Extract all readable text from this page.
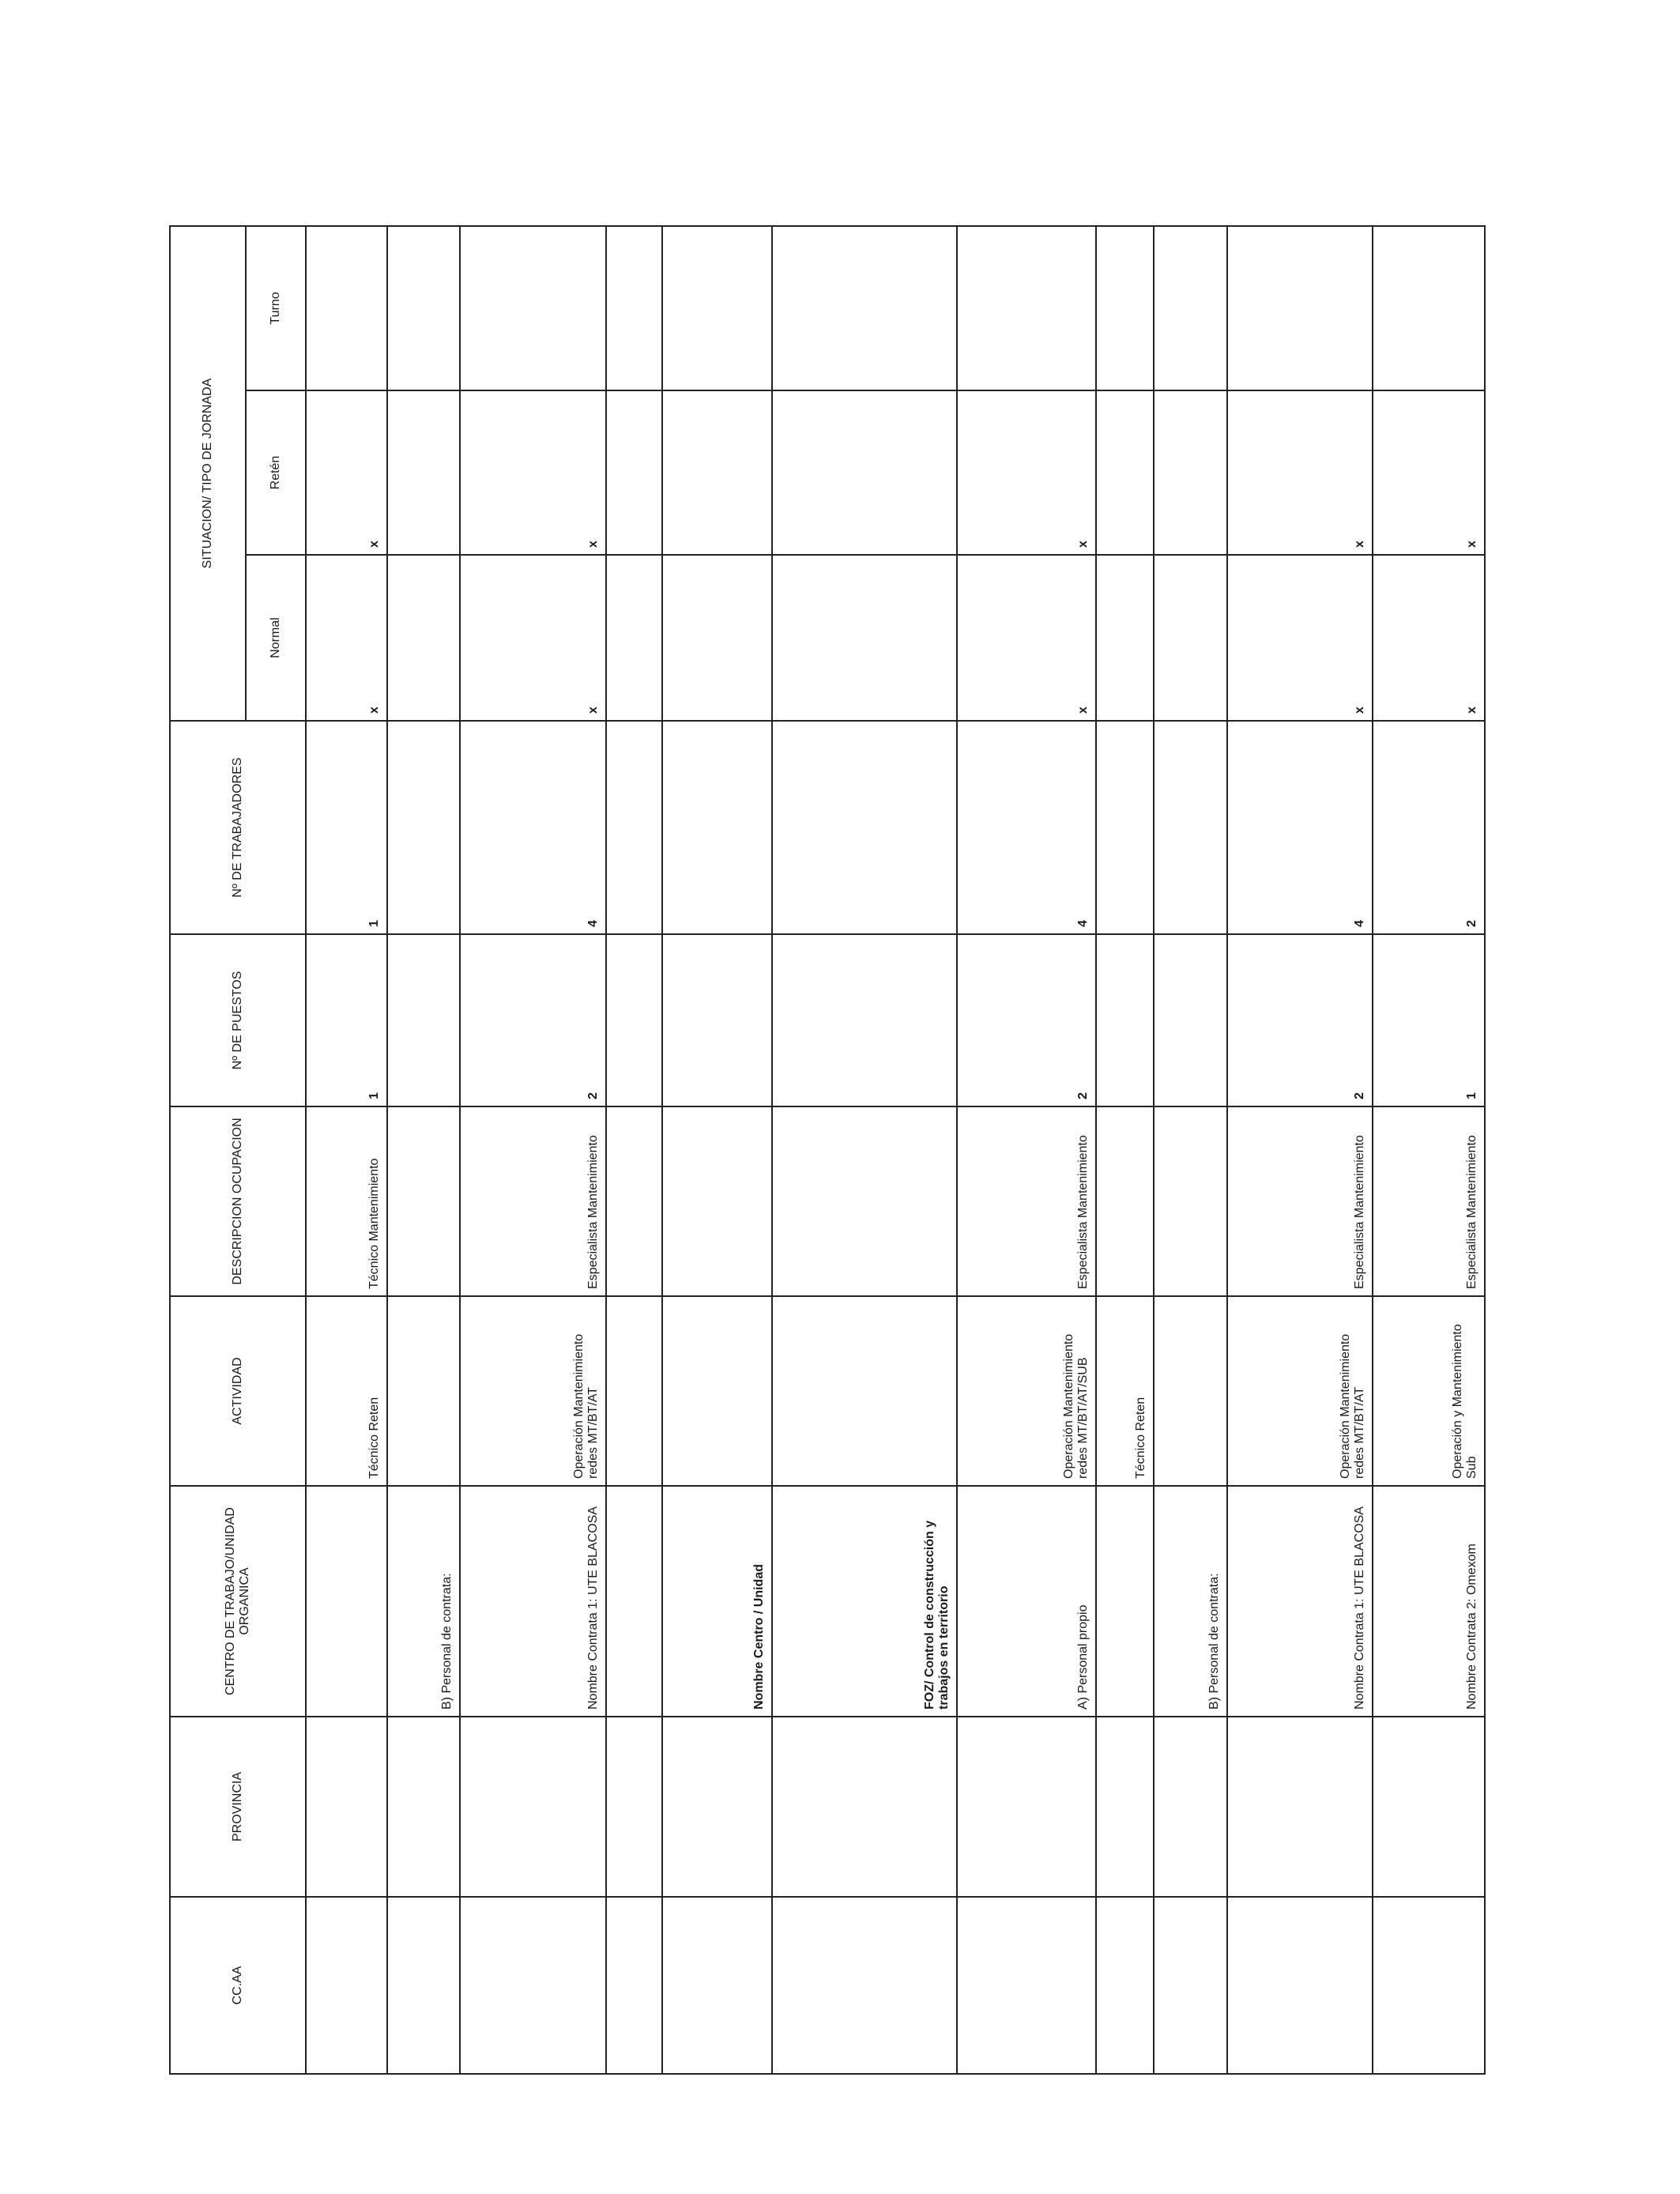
CC.AA	PROVINCIA	CENTRO DE TRABAJO/UNIDAD ORGANICA	ACTIVIDAD	DESCRIPCION OCUPACION	Nº DE PUESTOS	Nº DE TRABAJADORES	SITUACION/ TIPO DE JORNADA		
							Normal	Retén	Turno
			Técnico Reten	Técnico Mantenimiento	1	1	x	x	
		B) Personal de contrata:							
		Nombre Contrata 1: UTE BLACOSA	Operación Mantenimiento redes MT/BT/AT	Especialista Mantenimiento	2	4	x	x	

		Nombre Centro / Unidad							
		FOZ/ Control de construcción y trabajos en territorio							
		A) Personal propio	Operación Mantenimiento redes MT/BT/AT/SUB	Especialista Mantenimiento	2	4	x	x	
			Técnico Reten						
		B) Personal de contrata:							
		Nombre Contrata 1: UTE BLACOSA	Operación Mantenimiento redes MT/BT/AT	Especialista Mantenimiento	2	4	x	x	
		Nombre Contrata 2: Omexom	Operación y Mantenimiento Sub	Especialista Mantenimiento	1	2	x	x	
